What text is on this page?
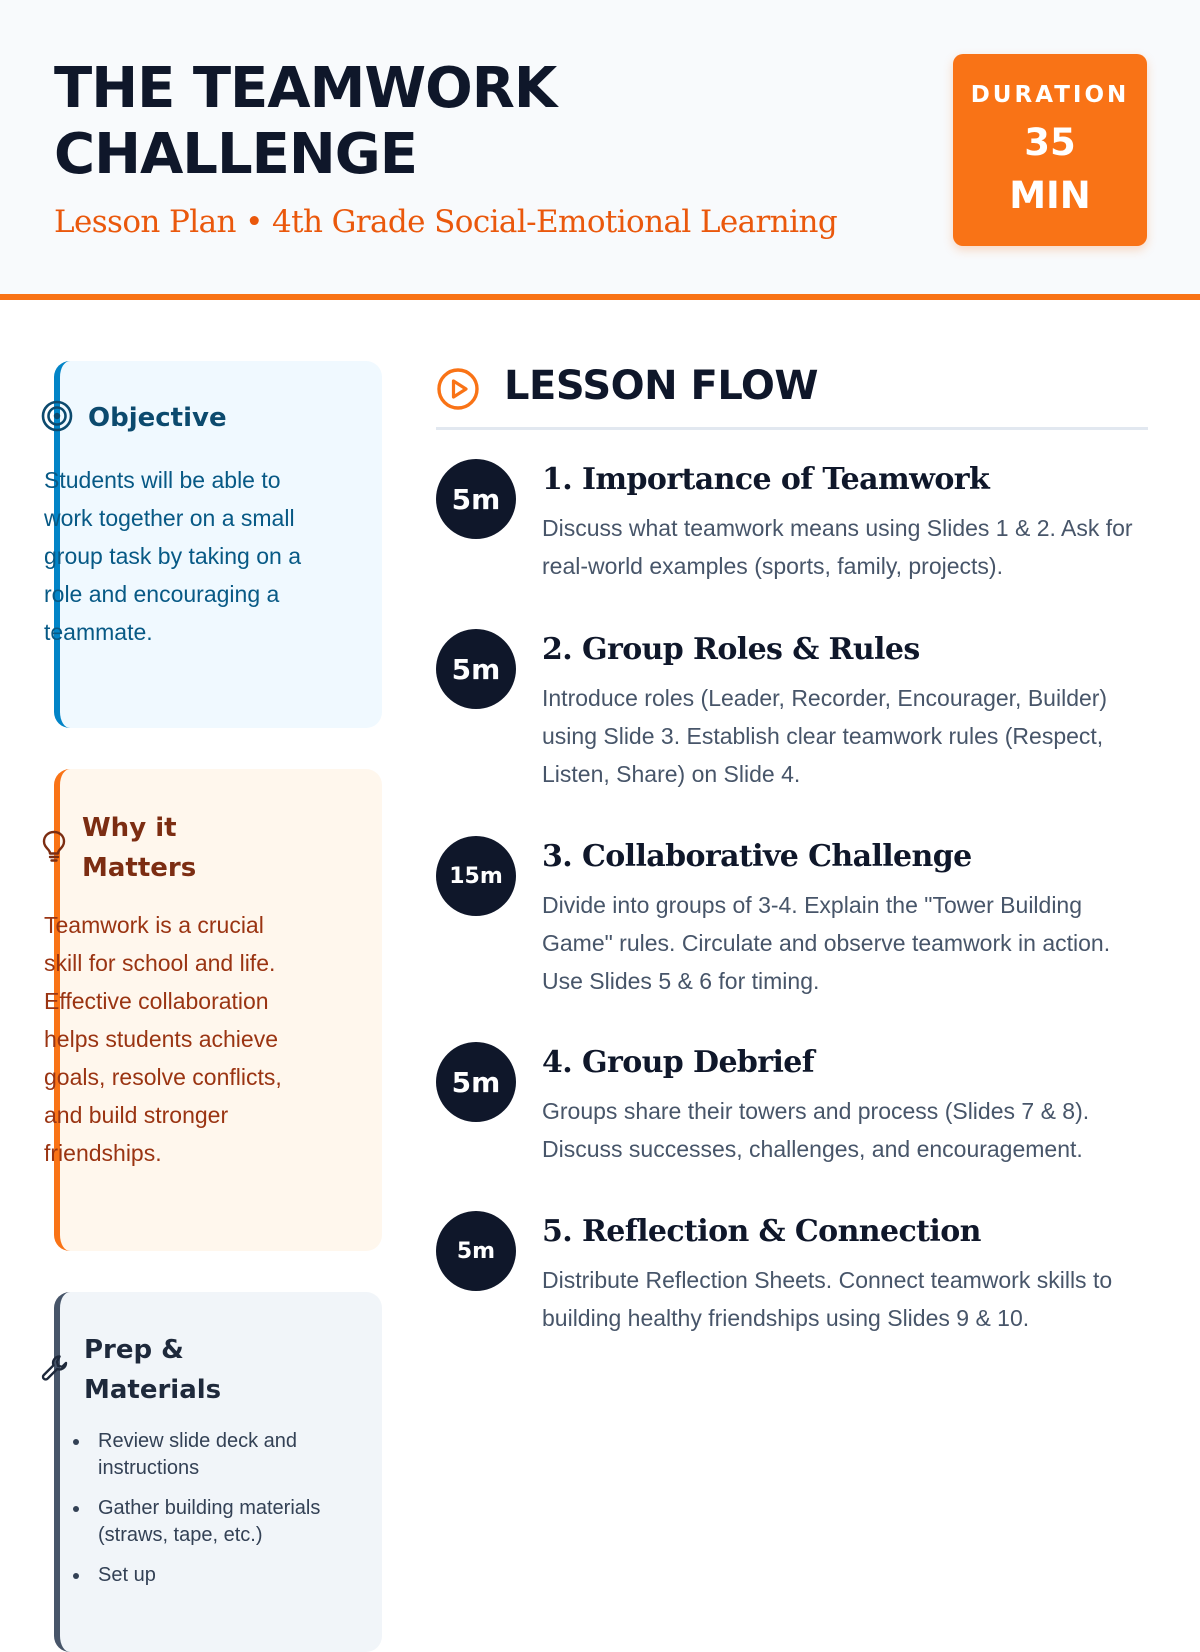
THE TEAMWORK
CHALLENGE
Lesson Plan • 4th Grade Social-Emotional Learning
DURATION
35
MIN
Objective
Students will be able to work together on a small group task by taking on a role and encouraging a teammate.
Why it
Matters
Teamwork is a crucial skill for school and life. Effective collaboration helps students achieve goals, resolve conflicts, and build stronger friendships.
Prep &
Materials
Review slide deck and instructions
Gather building materials (straws, tape, etc.)
Set up
LESSON FLOW
5m
1. Importance of Teamwork
Discuss what teamwork means using Slides 1 & 2. Ask for real-world examples (sports, family, projects).
5m
2. Group Roles & Rules
Introduce roles (Leader, Recorder, Encourager, Builder) using Slide 3. Establish clear teamwork rules (Respect, Listen, Share) on Slide 4.
15m
3. Collaborative Challenge
Divide into groups of 3-4. Explain the "Tower Building Game" rules. Circulate and observe teamwork in action. Use Slides 5 & 6 for timing.
5m
4. Group Debrief
Groups share their towers and process (Slides 7 & 8). Discuss successes, challenges, and encouragement.
5m
5. Reflection & Connection
Distribute Reflection Sheets. Connect teamwork skills to building healthy friendships using Slides 9 & 10.
